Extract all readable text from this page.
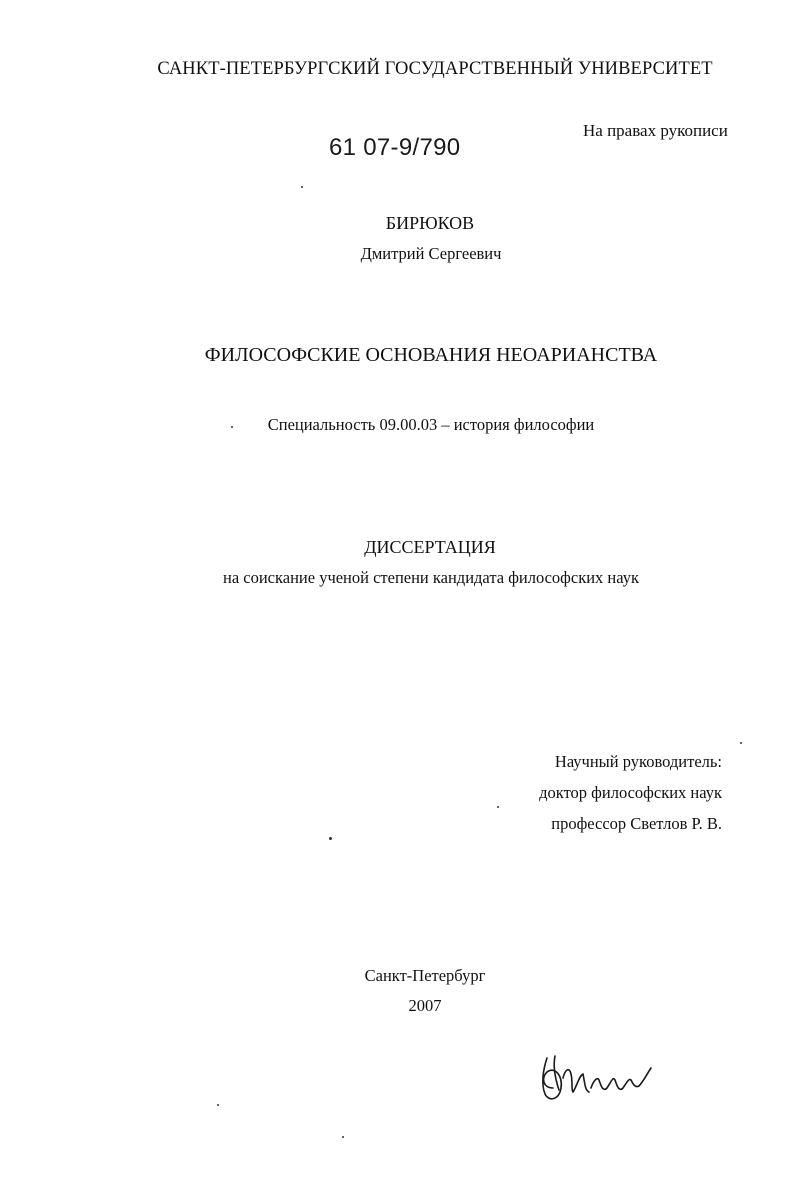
САНКТ-ПЕТЕРБУРГСКИЙ ГОСУДАРСТВЕННЫЙ УНИВЕРСИТЕТ
61 07-9/790
На правах рукописи
БИРЮКОВ
Дмитрий Сергеевич
ФИЛОСОФСКИЕ ОСНОВАНИЯ НЕОАРИАНСТВА
Специальность 09.00.03 – история философии
ДИССЕРТАЦИЯ
на соискание ученой степени кандидата философских наук
Научный руководитель:
доктор философских наук
профессор Светлов Р. В.
Санкт-Петербург
2007
